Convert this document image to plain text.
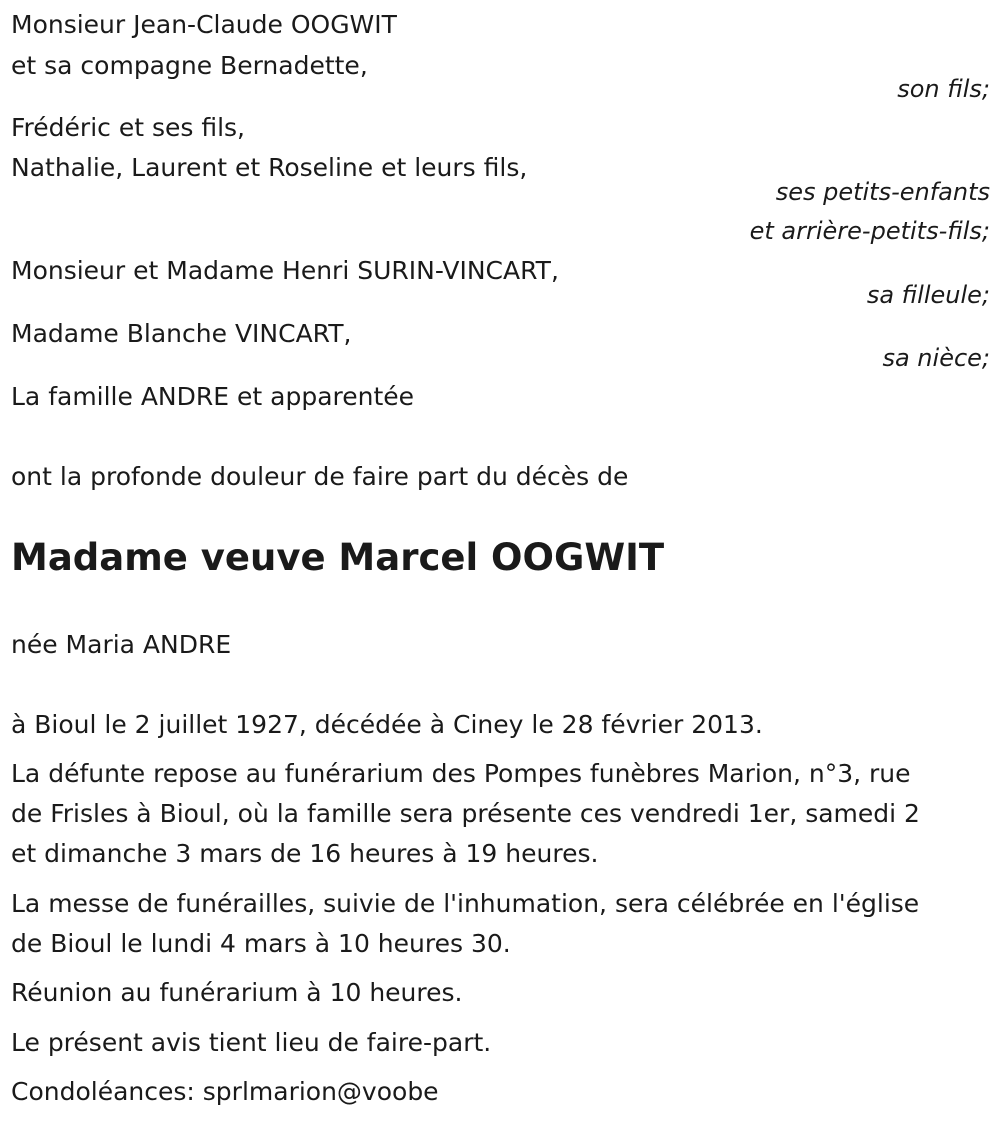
Monsieur Jean-Claude OOGWIT
et sa compagne Bernadette,
son fils;
Frédéric et ses fils,
Nathalie, Laurent et Roseline et leurs fils,
ses petits-enfants
et arrière-petits-fils;
Monsieur et Madame Henri SURIN-VINCART,
sa filleule;
Madame Blanche VINCART,
sa nièce;
La famille ANDRE et apparentée
ont la profonde douleur de faire part du décès de
Madame veuve Marcel OOGWIT
née Maria ANDRE
à Bioul le 2 juillet 1927, décédée à Ciney le 28 février 2013.
La défunte repose au funérarium des Pompes funèbres Marion, n°3, rue
de Frisles à Bioul, où la famille sera présente ces vendredi 1er, samedi 2
et dimanche 3 mars de 16 heures à 19 heures.
La messe de funérailles, suivie de l'inhumation, sera célébrée en l'église
de Bioul le lundi 4 mars à 10 heures 30.
Réunion au funérarium à 10 heures.
Le présent avis tient lieu de faire-part.
Condoléances: sprlmarion@voobe
